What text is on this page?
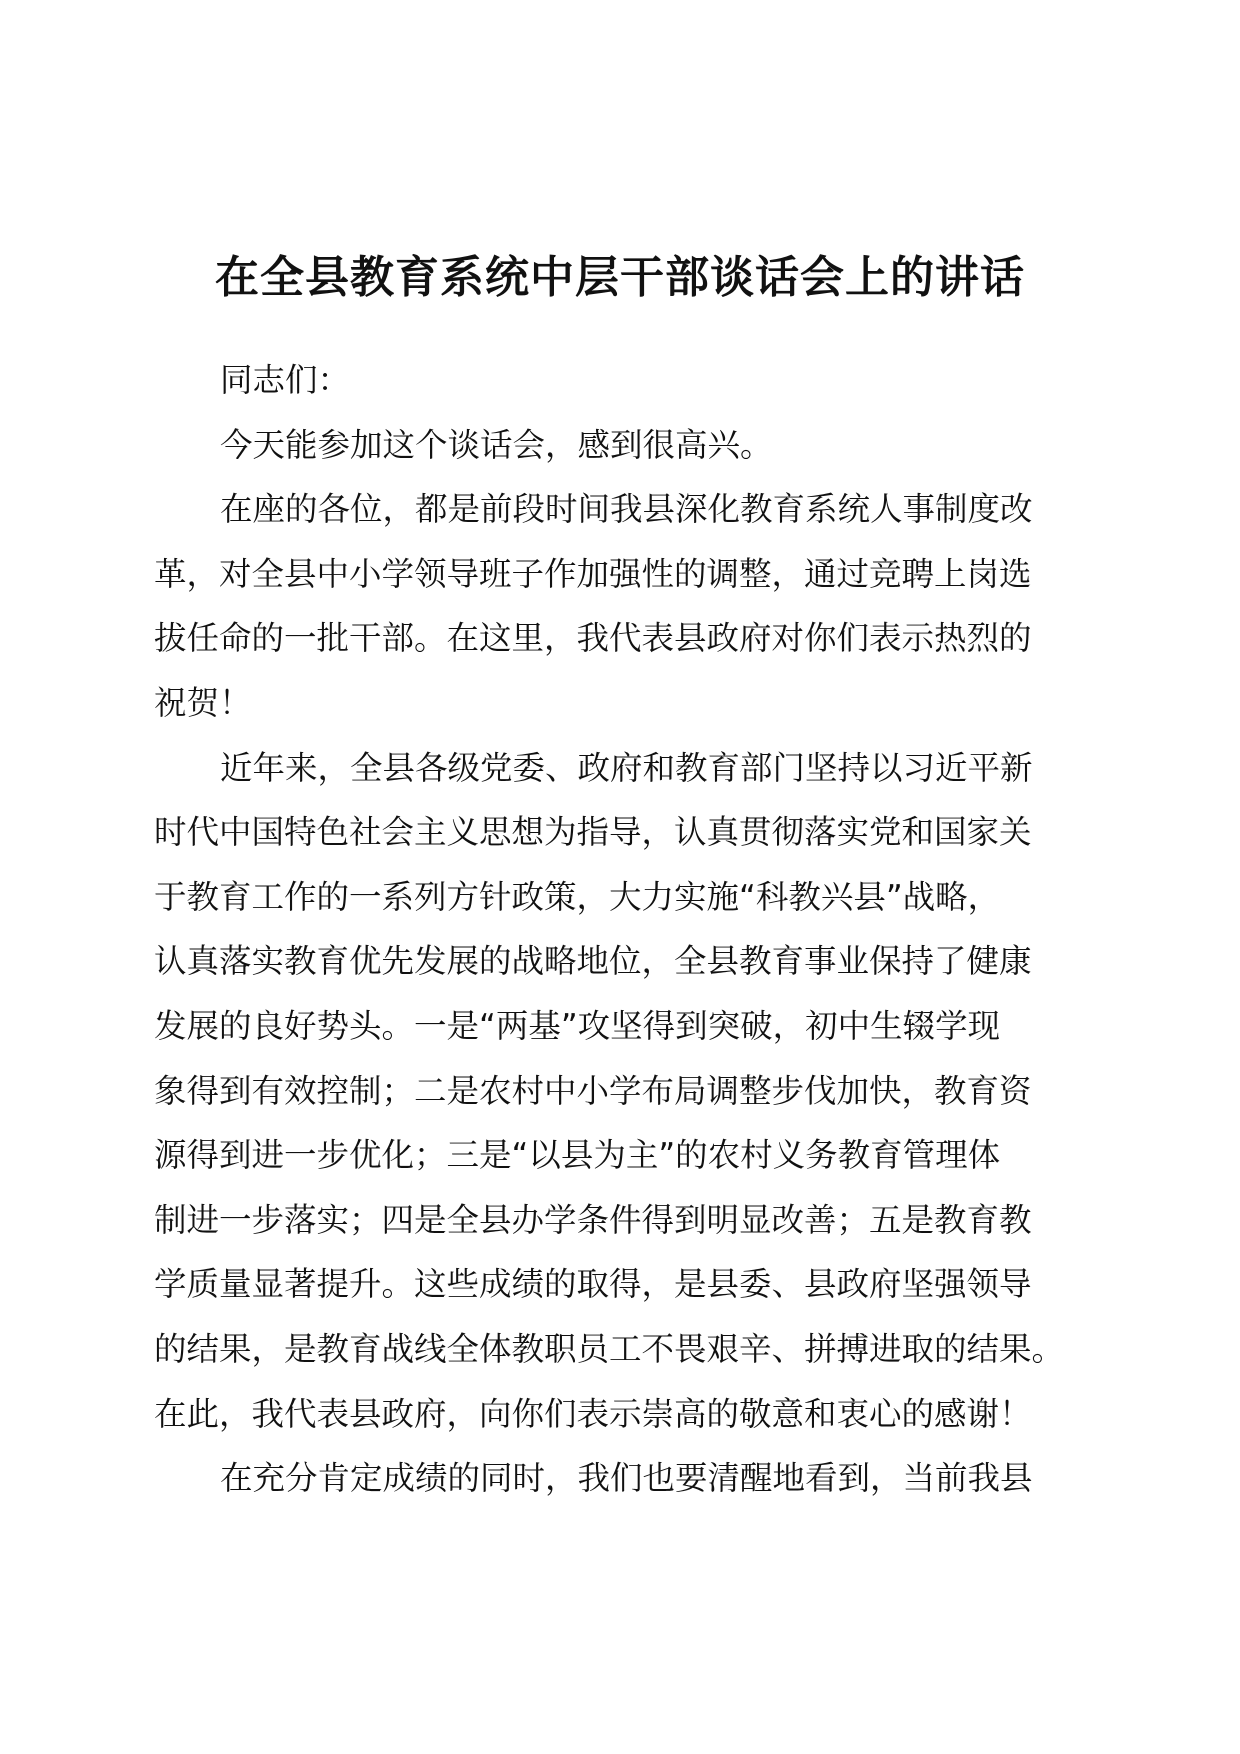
在全县教育系统中层干部谈话会上的讲话
同志们：
今天能参加这个谈话会，感到很高兴。
在座的各位，都是前段时间我县深化教育系统人事制度改
革，对全县中小学领导班子作加强性的调整，通过竞聘上岗选
拔任命的一批干部。在这里，我代表县政府对你们表示热烈的
祝贺！
近年来，全县各级党委、政府和教育部门坚持以习近平新
时代中国特色社会主义思想为指导，认真贯彻落实党和国家关
于教育工作的一系列方针政策，大力实施“科教兴县”战略，
认真落实教育优先发展的战略地位，全县教育事业保持了健康
发展的良好势头。一是“两基”攻坚得到突破，初中生辍学现
象得到有效控制；二是农村中小学布局调整步伐加快，教育资
源得到进一步优化；三是“以县为主”的农村义务教育管理体
制进一步落实；四是全县办学条件得到明显改善；五是教育教
学质量显著提升。这些成绩的取得，是县委、县政府坚强领导
的结果，是教育战线全体教职员工不畏艰辛、拼搏进取的结果。
在此，我代表县政府，向你们表示崇高的敬意和衷心的感谢！
在充分肯定成绩的同时，我们也要清醒地看到，当前我县
